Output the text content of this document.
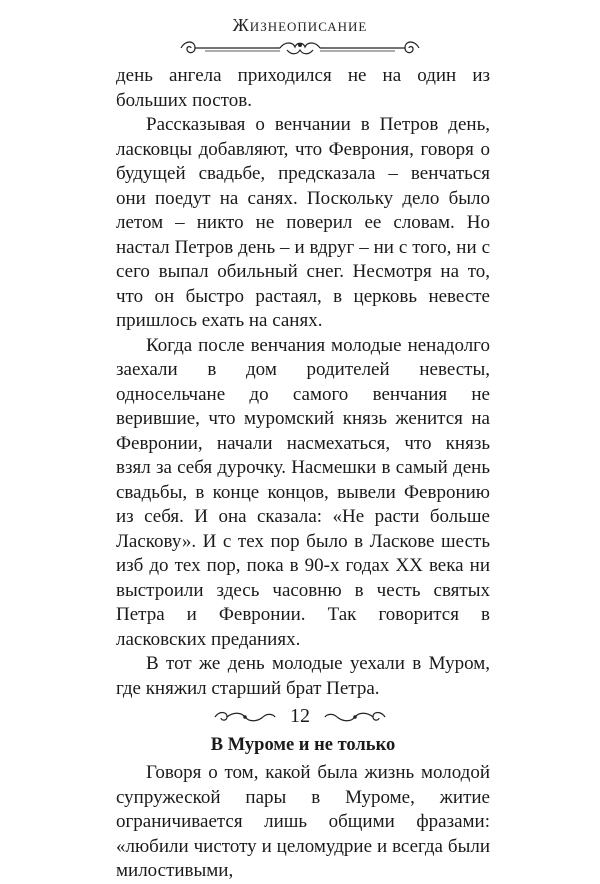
Жизнеописание

день ангела приходился не на один из больших постов.

Рассказывая о венчании в Петров день, ласковцы добавляют, что Феврония, говоря о будущей свадьбе, предсказала – венчаться они поедут на санях. Поскольку дело было летом – никто не поверил ее словам. Но настал Петров день – и вдруг – ни с того, ни с сего выпал обильный снег. Несмотря на то, что он быстро растаял, в церковь невесте пришлось ехать на санях.

Когда после венчания молодые ненадолго заехали в дом родителей невесты, односельчане до самого венчания не верившие, что муромский князь женится на Февронии, начали насмехаться, что князь взял за себя дурочку. Насмешки в самый день свадьбы, в конце концов, вывели Февронию из себя. И она сказала: «Не расти больше Ласкову». И с тех пор было в Ласкове шесть изб до тех пор, пока в 90-х годах XX века ни выстроили здесь часовню в честь святых Петра и Февронии. Так говорится в ласковских преданиях.

В тот же день молодые уехали в Муром, где княжил старший брат Петра.

В Муроме и не только

Говоря о том, какой была жизнь молодой супружеской пары в Муроме, житие ограничивается лишь общими фразами: «любили чистоту и целомудрие и всегда были милостивыми,

12
